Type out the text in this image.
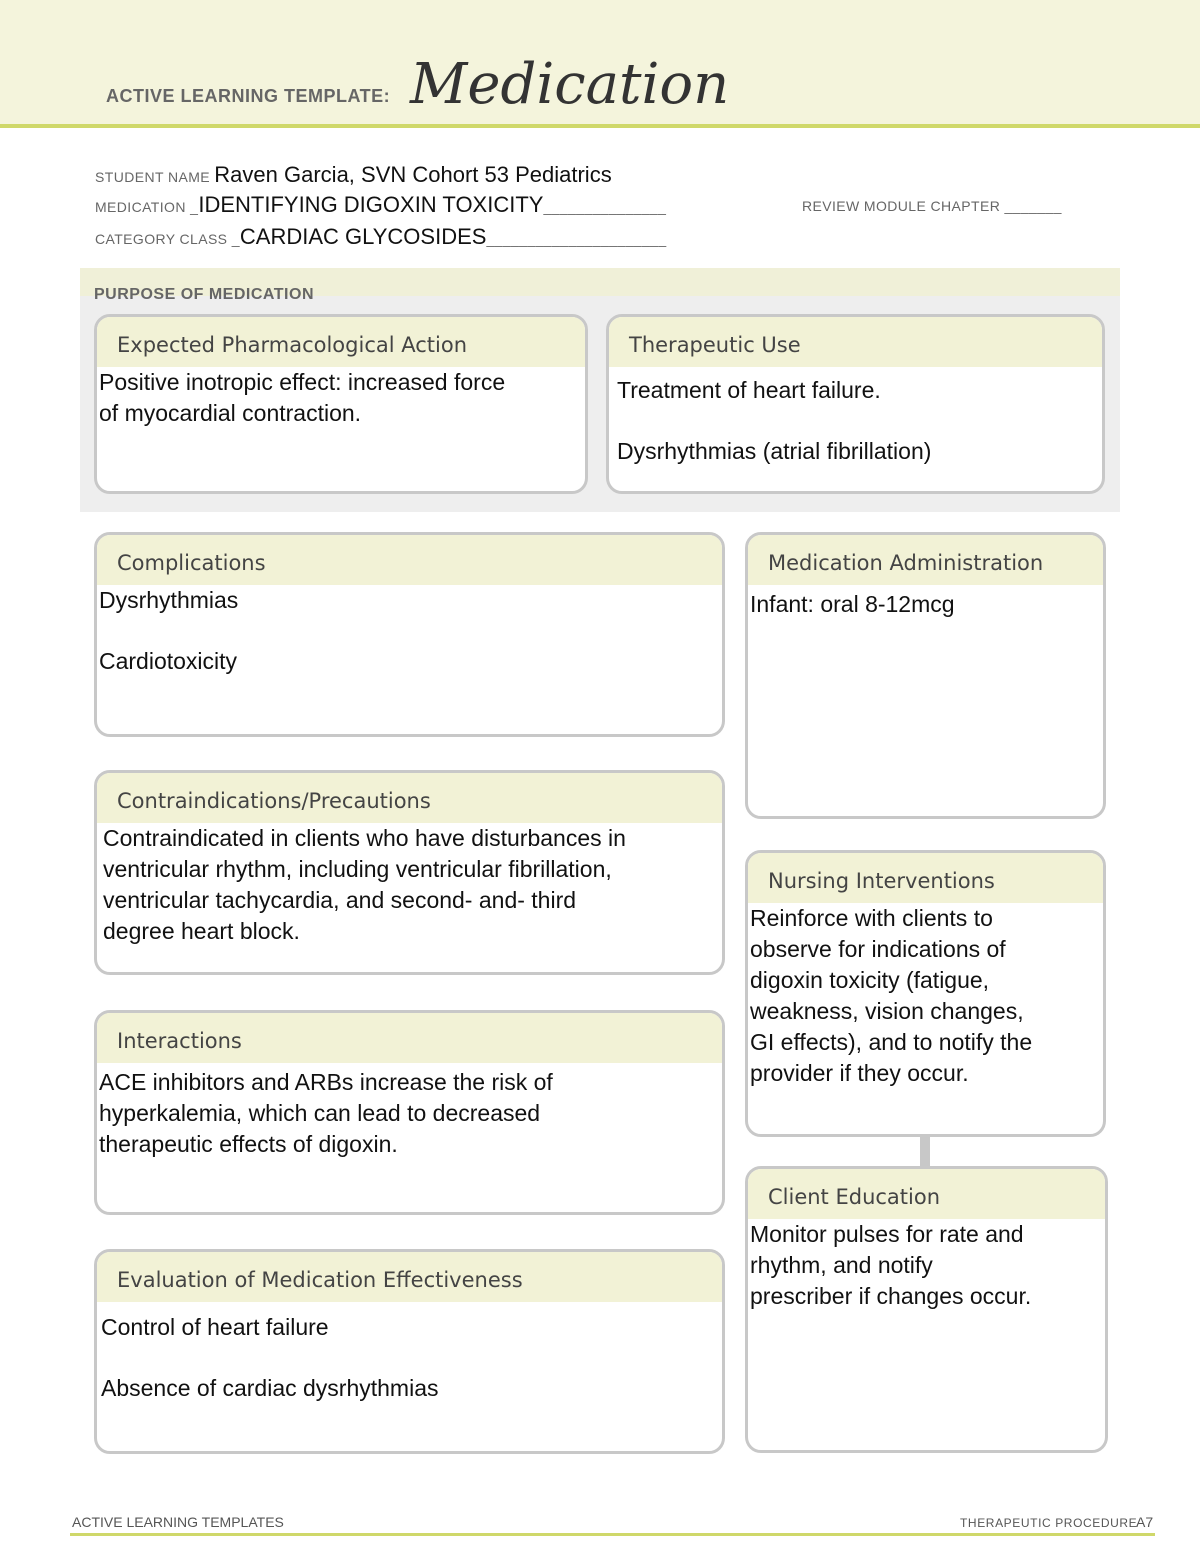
ACTIVE LEARNING TEMPLATE: Medication
STUDENT NAME Raven Garcia, SVN Cohort 53 Pediatrics
MEDICATION _IDENTIFYING DIGOXIN TOXICITY_______________	REVIEW MODULE CHAPTER _______
CATEGORY CLASS _CARDIAC GLYCOSIDES______________________
PURPOSE OF MEDICATION
Expected Pharmacological Action

Positive inotropic effect: increased force

of myocardial contraction.

Therapeutic Use

Treatment of heart failure.

Dysrhythmias (atrial fibrillation)

Complications

Dysrhythmias

Cardiotoxicity

Medication Administration
Infant: oral 8-12mcg
Contraindications/Precautions

Contraindicated in clients who have disturbances in

ventricular rhythm, including ventricular fibrillation,

ventricular tachycardia, and second- and- third

degree heart block.

Nursing Interventions

Reinforce with clients to

observe for indications of

digoxin toxicity (fatigue,

weakness, vision changes,

GI effects), and to notify the

provider if they occur.

Interactions

ACE inhibitors and ARBs increase the risk of

hyperkalemia, which can lead to decreased

therapeutic effects of digoxin.

Client Education

Monitor pulses for rate and

rhythm, and notify

prescriber if changes occur.

Evaluation of Medication Effectiveness

Control of heart failure

Absence of cardiac dysrhythmias

ACTIVE LEARNING TEMPLATES	THERAPEUTIC PROCEDURE
A7
